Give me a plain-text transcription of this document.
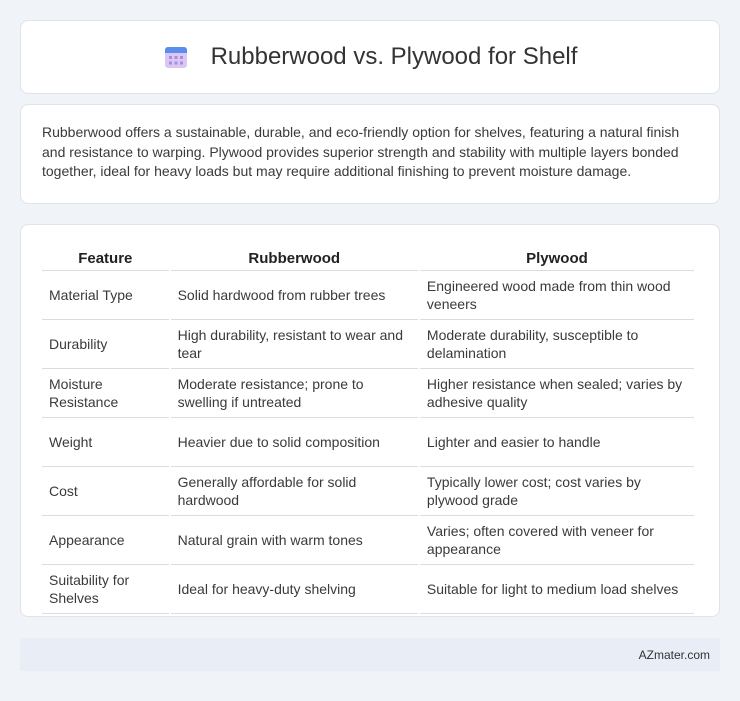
Rubberwood vs. Plywood for Shelf

Rubberwood offers a sustainable, durable, and eco-friendly option for shelves, featuring a natural finish and resistance to warping. Plywood provides superior strength and stability with multiple layers bonded together, ideal for heavy loads but may require additional finishing to prevent moisture damage.

Feature	Rubberwood	Plywood
Material Type	Solid hardwood from rubber trees	Engineered wood made from thin wood veneers
Durability	High durability, resistant to wear and tear	Moderate durability, susceptible to delamination
Moisture Resistance	Moderate resistance; prone to swelling if untreated	Higher resistance when sealed; varies by adhesive quality
Weight	Heavier due to solid composition	Lighter and easier to handle
Cost	Generally affordable for solid hardwood	Typically lower cost; cost varies by plywood grade
Appearance	Natural grain with warm tones	Varies; often covered with veneer for appearance
Suitability for Shelves	Ideal for heavy-duty shelving	Suitable for light to medium load shelves
AZmater.com
